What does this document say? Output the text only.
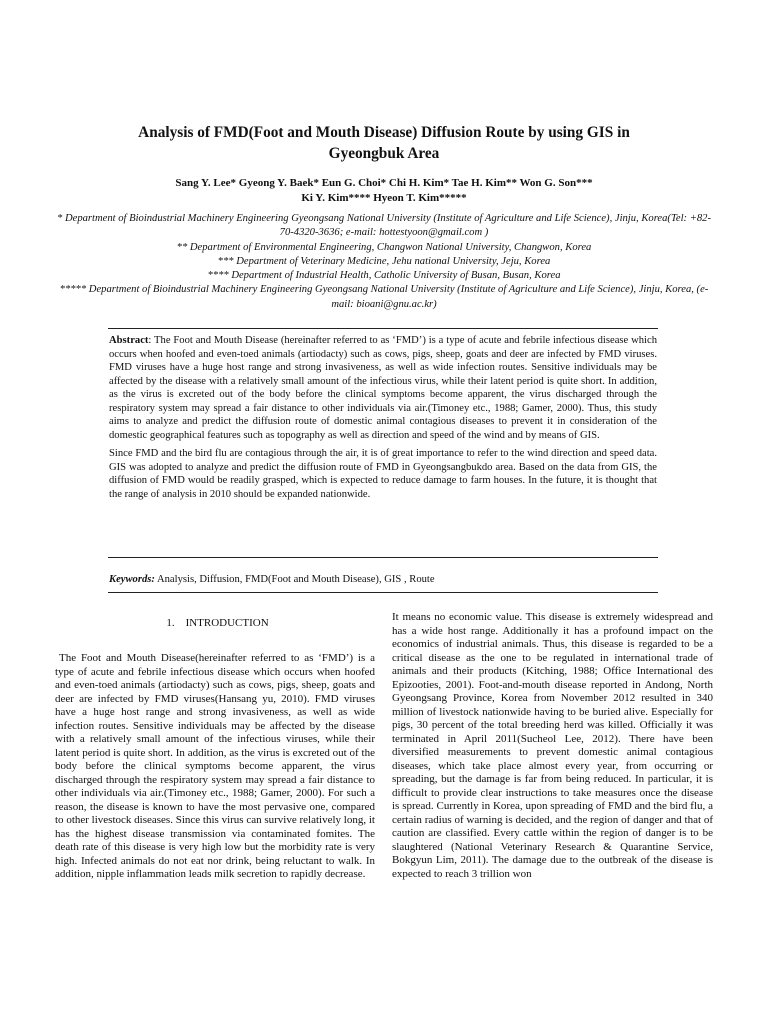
Analysis of FMD(Foot and Mouth Disease) Diffusion Route by using GIS in
Gyeongbuk Area
Sang Y. Lee* Gyeong Y. Baek* Eun G. Choi* Chi H. Kim* Tae H. Kim** Won G. Son***
Ki Y. Kim**** Hyeon T. Kim*****
* Department of Bioindustrial Machinery Engineering Gyeongsang National University (Institute of Agriculture and Life Science), Jinju, Korea(Tel: +82-70-4320-3636; e-mail: hottestyoon@gmail.com )
** Department of Environmental Engineering, Changwon National University, Changwon, Korea
*** Department of Veterinary Medicine, Jehu national University, Jeju, Korea
**** Department of Industrial Health, Catholic University of Busan, Busan, Korea
***** Department of Bioindustrial Machinery Engineering Gyeongsang National University (Institute of Agriculture and Life Science), Jinju, Korea, (e-mail: bioani@gnu.ac.kr)

Abstract: The Foot and Mouth Disease (hereinafter referred to as ‘FMD’) is a type of acute and febrile infectious disease which occurs when hoofed and even-toed animals (artiodacty) such as cows, pigs, sheep, goats and deer are infected by FMD viruses. FMD viruses have a huge host range and strong invasiveness, as well as wide infection routes. Sensitive individuals may be affected by the disease with a relatively small amount of the infectious virus, while their latent period is quite short. In addition, as the virus is excreted out of the body before the clinical symptoms become apparent, the virus discharged through the respiratory system may spread a fair distance to other individuals via air.(Timoney etc., 1988; Gamer, 2000). Thus, this study aims to analyze and predict the diffusion route of domestic animal contagious diseases to prevent it in consideration of the domestic geographical features such as topography as well as direction and speed of the wind and by means of GIS.

Since FMD and the bird flu are contagious through the air, it is of great importance to refer to the wind direction and speed data. GIS was adopted to analyze and predict the diffusion route of FMD in Gyeongsangbukdo area. Based on the data from GIS, the diffusion of FMD would be readily grasped, which is expected to reduce damage to farm houses. In the future, it is thought that the range of analysis in 2010 should be expanded nationwide.

Keywords: Analysis, Diffusion, FMD(Foot and Mouth Disease), GIS , Route
1.    INTRODUCTION

The Foot and Mouth Disease(hereinafter referred to as ‘FMD’) is a type of acute and febrile infectious disease which occurs when hoofed and even-toed animals (artiodacty) such as cows, pigs, sheep, goats and deer are infected by FMD viruses(Hansang yu, 2010). FMD viruses have a huge host range and strong invasiveness, as well as wide infection routes. Sensitive individuals may be affected by the disease with a relatively small amount of the infectious viruses, while their latent period is quite short. In addition, as the virus is excreted out of the body before the clinical symptoms become apparent, the virus discharged through the respiratory system may spread a fair distance to other individuals via air.(Timoney etc., 1988; Gamer, 2000). For such a reason, the disease is known to have the most pervasive one, compared to other livestock diseases. Since this virus can survive relatively long, it has the highest disease transmission via contaminated fomites. The death rate of this disease is very high low but the morbidity rate is very high. Infected animals do not eat nor drink, being reluctant to walk. In addition, nipple inflammation leads milk secretion to rapidly decrease.

It means no economic value. This disease is extremely widespread and has a wide host range. Additionally it has a profound impact on the economics of industrial animals. Thus, this disease is regarded to be a critical disease as the one to be regulated in international trade of animals and their products (Kitching, 1988; Office International des Epizooties, 2001). Foot-and-mouth disease reported in Andong, North Gyeongsang Province, Korea from November 2012 resulted in 340 million of livestock nationwide having to be buried alive. Especially for pigs, 30 percent of the total breeding herd was killed. Officially it was terminated in April 2011(Sucheol Lee, 2012). There have been diversified measurements to prevent domestic animal contagious diseases, which take place almost every year, from occurring or spreading, but the damage is far from being reduced. In particular, it is difficult to provide clear instructions to take measures once the disease is spread. Currently in Korea, upon spreading of FMD and the bird flu, a certain radius of warning is decided, and the region of danger and that of caution are classified. Every cattle within the region of danger is to be slaughtered (National Veterinary Research & Quarantine Service, Bokgyun Lim, 2011). The damage due to the outbreak of the disease is expected to reach 3 trillion won
